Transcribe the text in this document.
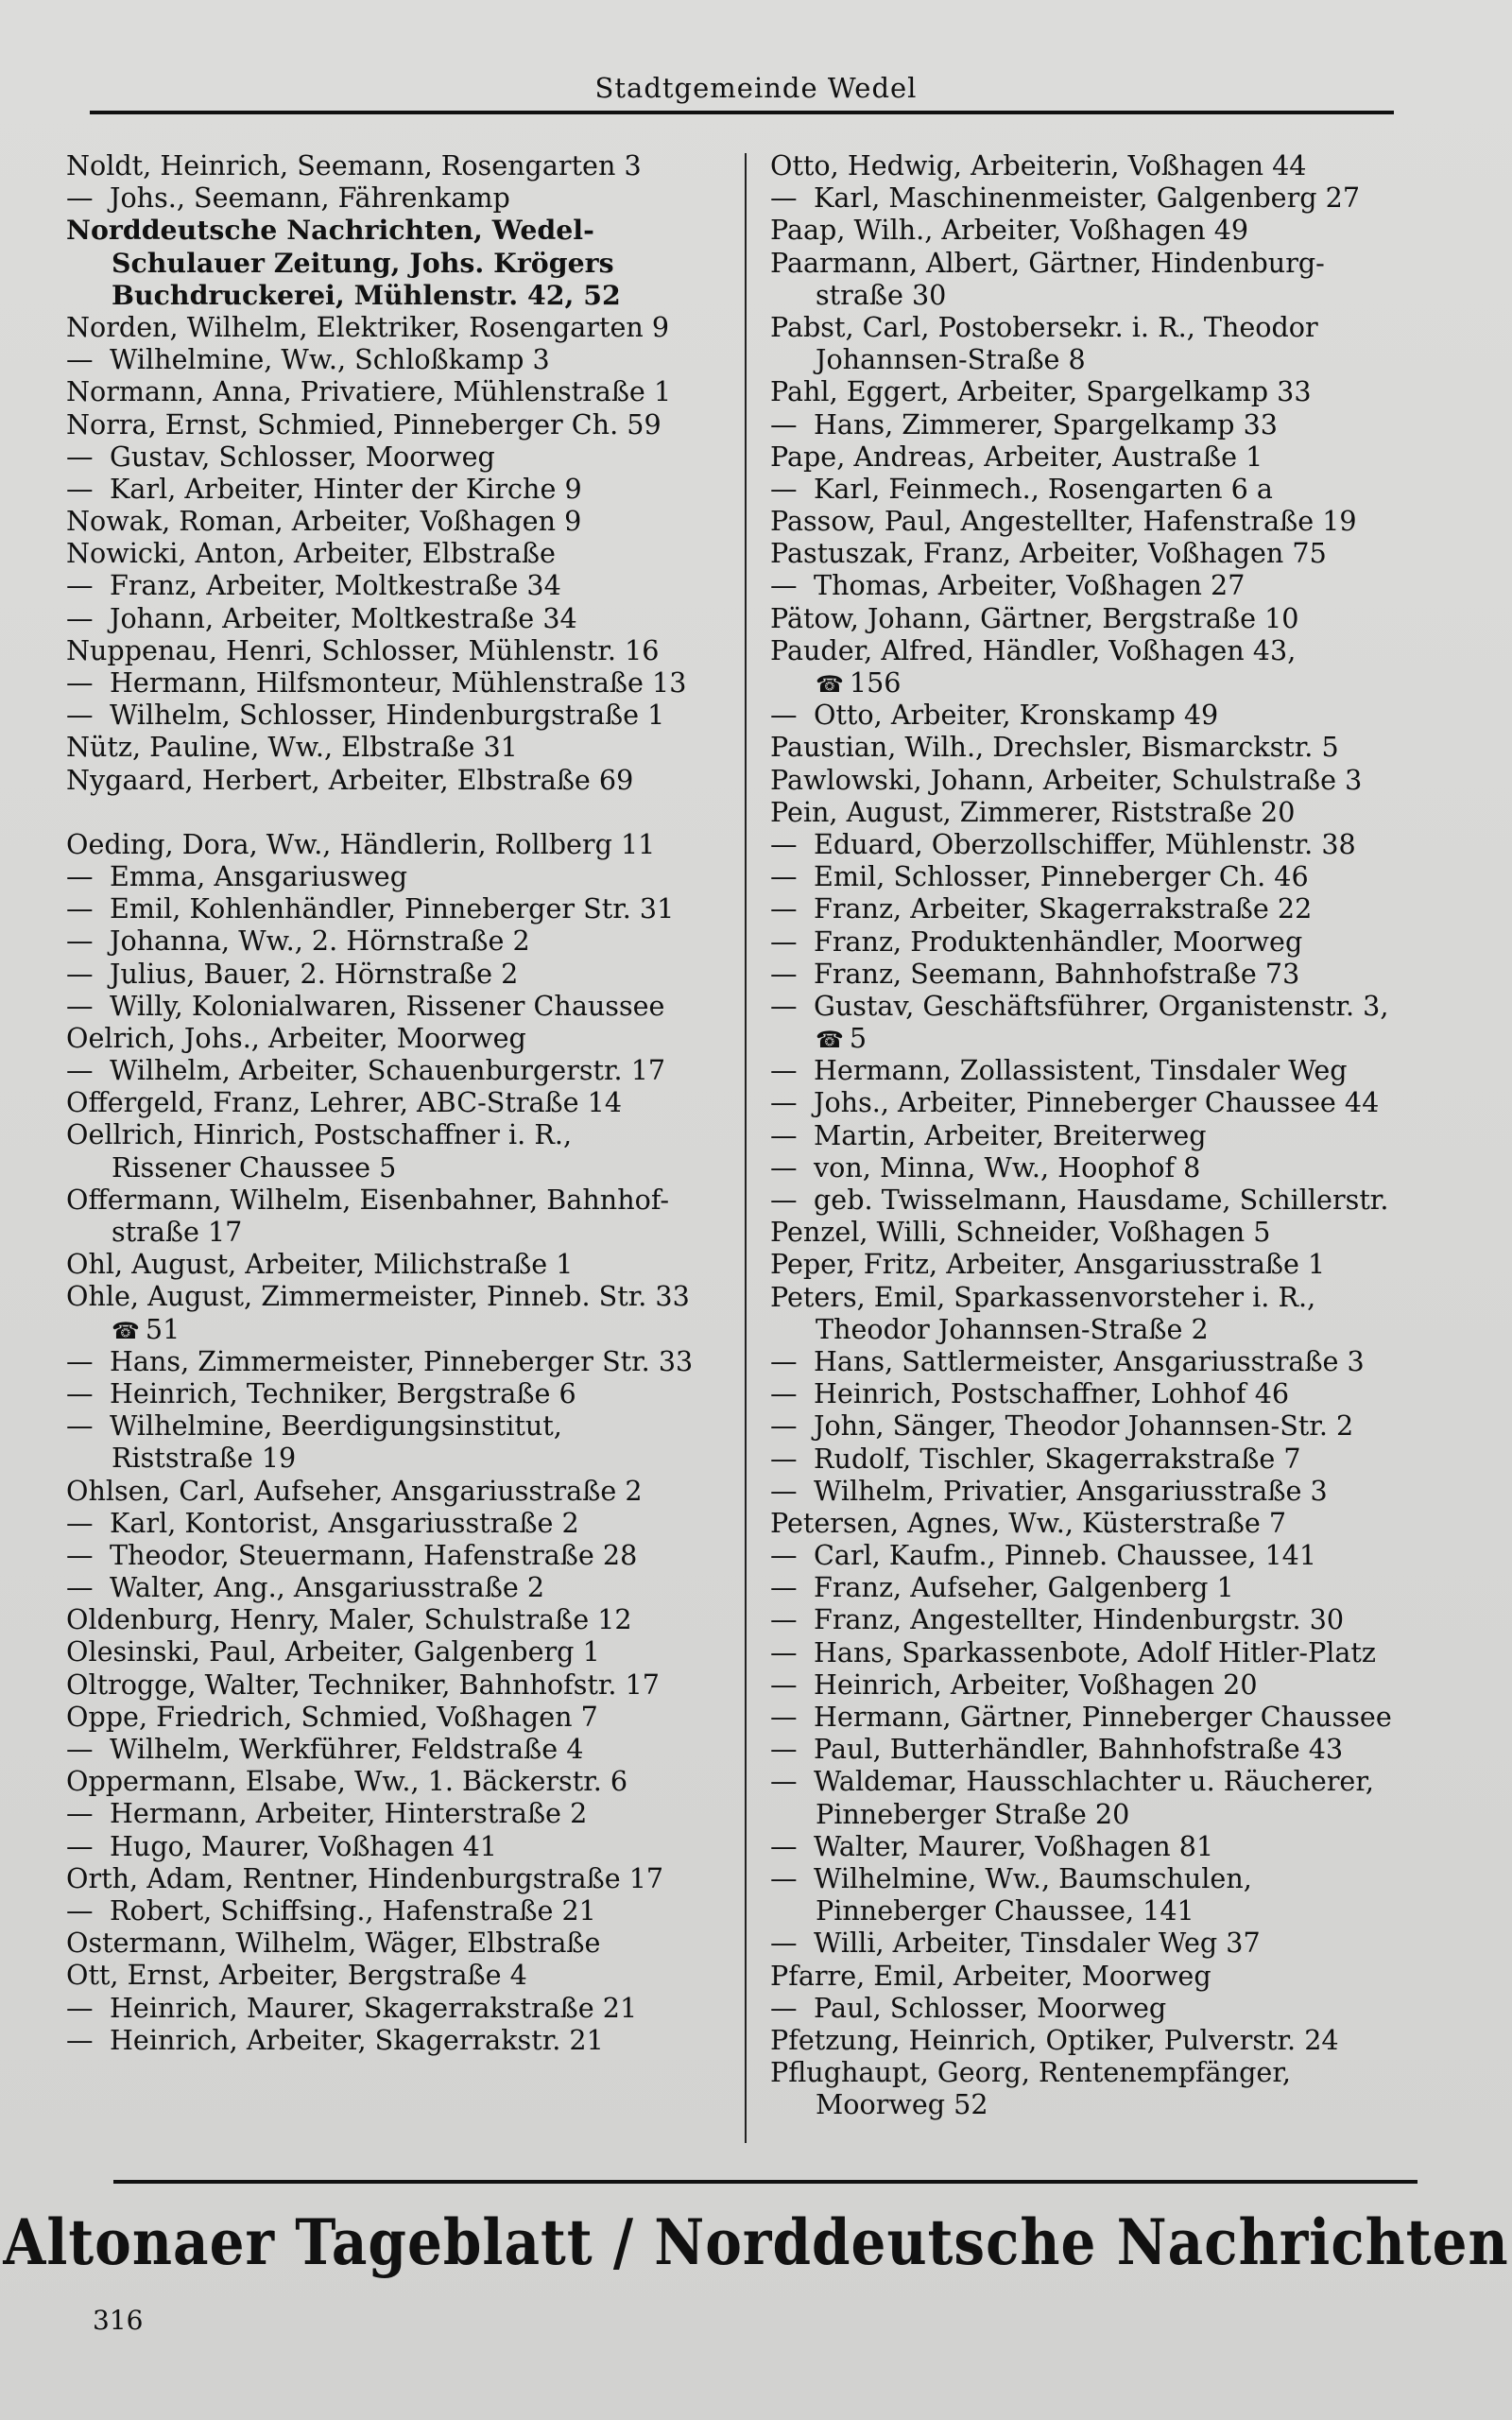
Stadtgemeinde Wedel
Noldt, Heinrich, Seemann, Rosengarten 3
— Johs., Seemann, Fährenkamp
Norddeutsche Nachrichten, Wedel-
Schulauer Zeitung, Johs. Krögers
Buchdruckerei, Mühlenstr. 42, 52
Norden, Wilhelm, Elektriker, Rosengarten 9
— Wilhelmine, Ww., Schloßkamp 3
Normann, Anna, Privatiere, Mühlenstraße 1
Norra, Ernst, Schmied, Pinneberger Ch. 59
— Gustav, Schlosser, Moorweg
— Karl, Arbeiter, Hinter der Kirche 9
Nowak, Roman, Arbeiter, Voßhagen 9
Nowicki, Anton, Arbeiter, Elbstraße
— Franz, Arbeiter, Moltkestraße 34
— Johann, Arbeiter, Moltkestraße 34
Nuppenau, Henri, Schlosser, Mühlenstr. 16
— Hermann, Hilfsmonteur, Mühlenstraße 13
— Wilhelm, Schlosser, Hindenburgstraße 1
Nütz, Pauline, Ww., Elbstraße 31
Nygaard, Herbert, Arbeiter, Elbstraße 69
Oeding, Dora, Ww., Händlerin, Rollberg 11
— Emma, Ansgariusweg
— Emil, Kohlenhändler, Pinneberger Str. 31
— Johanna, Ww., 2. Hörnstraße 2
— Julius, Bauer, 2. Hörnstraße 2
— Willy, Kolonialwaren, Rissener Chaussee
Oelrich, Johs., Arbeiter, Moorweg
— Wilhelm, Arbeiter, Schauenburgerstr. 17
Offergeld, Franz, Lehrer, ABC-Straße 14
Oellrich, Hinrich, Postschaffner i. R.,
Rissener Chaussee 5
Offermann, Wilhelm, Eisenbahner, Bahnhof-
straße 17
Ohl, August, Arbeiter, Milichstraße 1
Ohle, August, Zimmermeister, Pinneb. Str. 33
☎ 51
— Hans, Zimmermeister, Pinneberger Str. 33
— Heinrich, Techniker, Bergstraße 6
— Wilhelmine, Beerdigungsinstitut,
Riststraße 19
Ohlsen, Carl, Aufseher, Ansgariusstraße 2
— Karl, Kontorist, Ansgariusstraße 2
— Theodor, Steuermann, Hafenstraße 28
— Walter, Ang., Ansgariusstraße 2
Oldenburg, Henry, Maler, Schulstraße 12
Olesinski, Paul, Arbeiter, Galgenberg 1
Oltrogge, Walter, Techniker, Bahnhofstr. 17
Oppe, Friedrich, Schmied, Voßhagen 7
— Wilhelm, Werkführer, Feldstraße 4
Oppermann, Elsabe, Ww., 1. Bäckerstr. 6
— Hermann, Arbeiter, Hinterstraße 2
— Hugo, Maurer, Voßhagen 41
Orth, Adam, Rentner, Hindenburgstraße 17
— Robert, Schiffsing., Hafenstraße 21
Ostermann, Wilhelm, Wäger, Elbstraße
Ott, Ernst, Arbeiter, Bergstraße 4
— Heinrich, Maurer, Skagerrakstraße 21
— Heinrich, Arbeiter, Skagerrakstr. 21
Otto, Hedwig, Arbeiterin, Voßhagen 44
— Karl, Maschinenmeister, Galgenberg 27
Paap, Wilh., Arbeiter, Voßhagen 49
Paarmann, Albert, Gärtner, Hindenburg-
straße 30
Pabst, Carl, Postobersekr. i. R., Theodor
Johannsen-Straße 8
Pahl, Eggert, Arbeiter, Spargelkamp 33
— Hans, Zimmerer, Spargelkamp 33
Pape, Andreas, Arbeiter, Austraße 1
— Karl, Feinmech., Rosengarten 6 a
Passow, Paul, Angestellter, Hafenstraße 19
Pastuszak, Franz, Arbeiter, Voßhagen 75
— Thomas, Arbeiter, Voßhagen 27
Pätow, Johann, Gärtner, Bergstraße 10
Pauder, Alfred, Händler, Voßhagen 43,
☎ 156
— Otto, Arbeiter, Kronskamp 49
Paustian, Wilh., Drechsler, Bismarckstr. 5
Pawlowski, Johann, Arbeiter, Schulstraße 3
Pein, August, Zimmerer, Riststraße 20
— Eduard, Oberzollschiffer, Mühlenstr. 38
— Emil, Schlosser, Pinneberger Ch. 46
— Franz, Arbeiter, Skagerrakstraße 22
— Franz, Produktenhändler, Moorweg
— Franz, Seemann, Bahnhofstraße 73
— Gustav, Geschäftsführer, Organistenstr. 3,
☎ 5
— Hermann, Zollassistent, Tinsdaler Weg
— Johs., Arbeiter, Pinneberger Chaussee 44
— Martin, Arbeiter, Breiterweg
— von, Minna, Ww., Hoophof 8
— geb. Twisselmann, Hausdame, Schillerstr.
Penzel, Willi, Schneider, Voßhagen 5
Peper, Fritz, Arbeiter, Ansgariusstraße 1
Peters, Emil, Sparkassenvorsteher i. R.,
Theodor Johannsen-Straße 2
— Hans, Sattlermeister, Ansgariusstraße 3
— Heinrich, Postschaffner, Lohhof 46
— John, Sänger, Theodor Johannsen-Str. 2
— Rudolf, Tischler, Skagerrakstraße 7
— Wilhelm, Privatier, Ansgariusstraße 3
Petersen, Agnes, Ww., Küsterstraße 7
— Carl, Kaufm., Pinneb. Chaussee, 141
— Franz, Aufseher, Galgenberg 1
— Franz, Angestellter, Hindenburgstr. 30
— Hans, Sparkassenbote, Adolf Hitler-Platz
— Heinrich, Arbeiter, Voßhagen 20
— Hermann, Gärtner, Pinneberger Chaussee
— Paul, Butterhändler, Bahnhofstraße 43
— Waldemar, Hausschlachter u. Räucherer,
Pinneberger Straße 20
— Walter, Maurer, Voßhagen 81
— Wilhelmine, Ww., Baumschulen,
Pinneberger Chaussee, 141
— Willi, Arbeiter, Tinsdaler Weg 37
Pfarre, Emil, Arbeiter, Moorweg
— Paul, Schlosser, Moorweg
Pfetzung, Heinrich, Optiker, Pulverstr. 24
Pflughaupt, Georg, Rentenempfänger,
Moorweg 52
Altonaer Tageblatt / Norddeutsche Nachrichten
316
